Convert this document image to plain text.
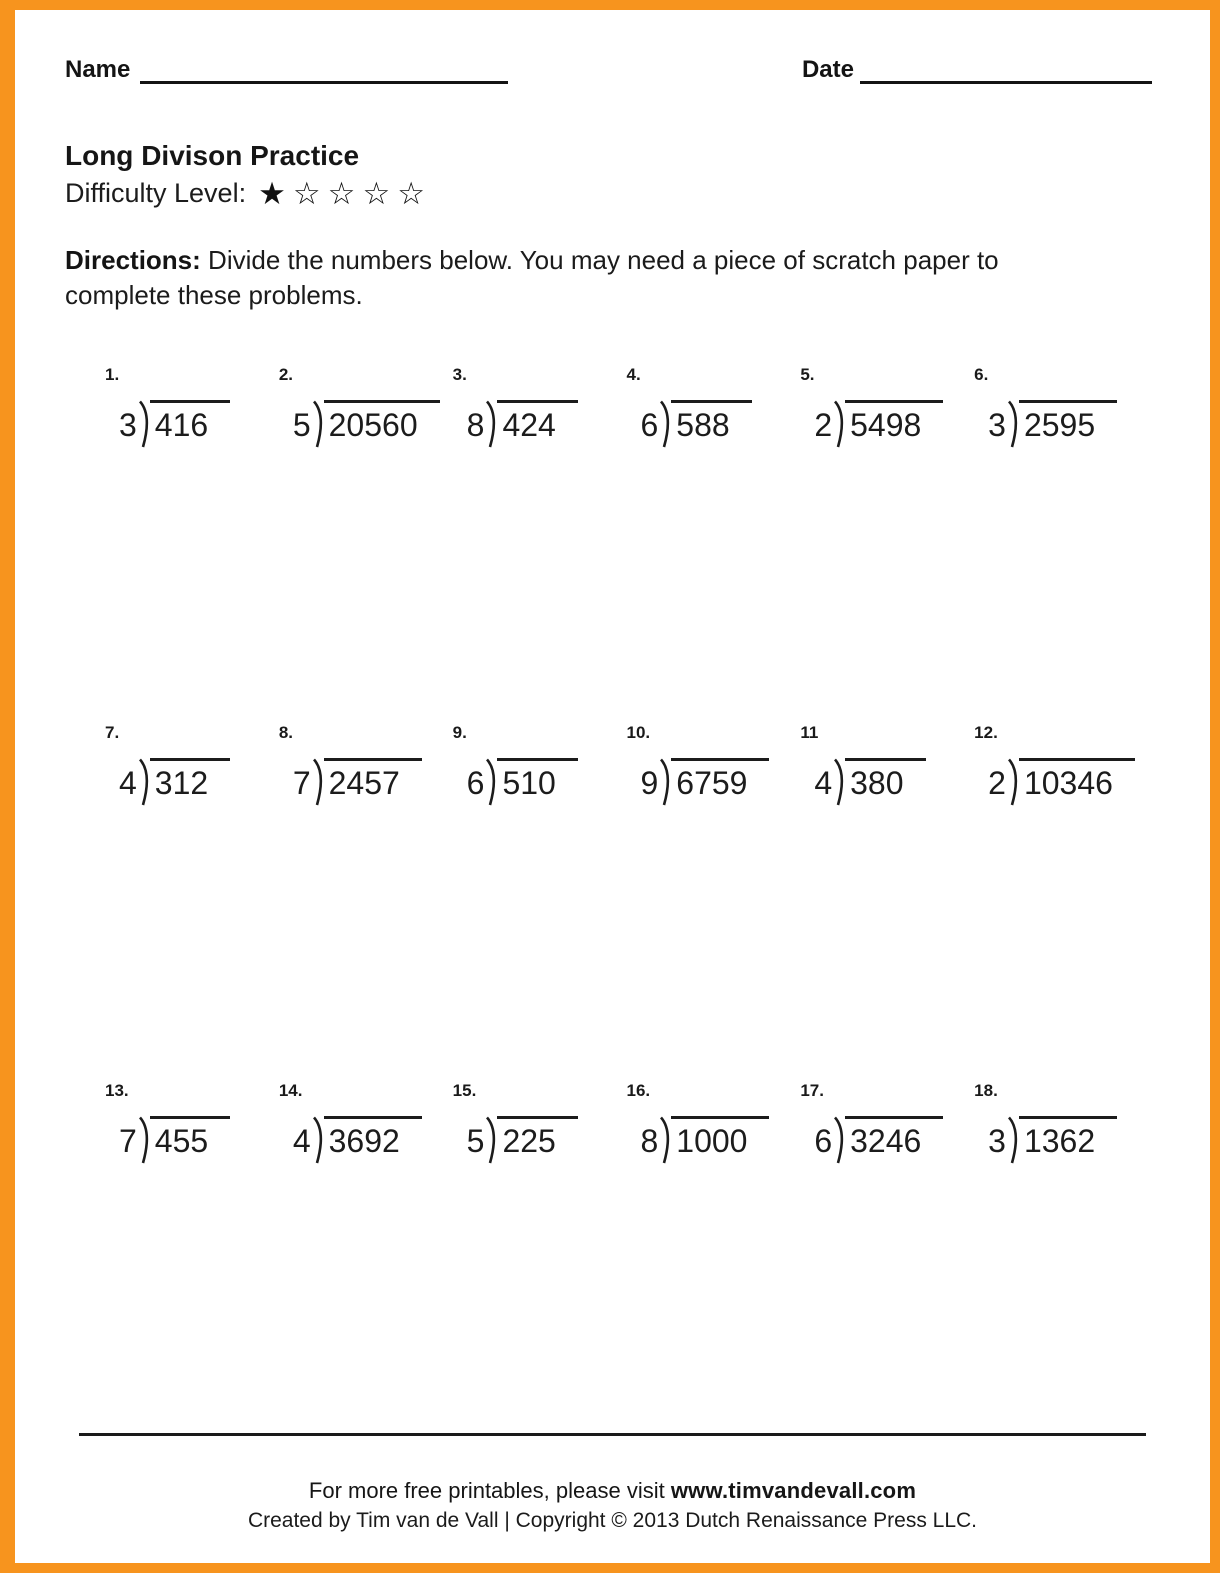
Name	Date
Long Divison Practice
Difficulty Level: ★☆☆☆☆

Directions: Divide the numbers below. You may need a piece of scratch paper to complete these problems.

1.
3 416
2.
5 20560
3.
8 424
4.
6 588
5.
2 5498
6.
3 2595
7.
4 312
8.
7 2457
9.
6 510
10.
9 6759
11
4 380
12.
2 10346
13.
7 455
14.
4 3692
15.
5 225
16.
8 1000
17.
6 3246
18.
3 1362
For more free printables, please visit www.timvandevall.com
Created by Tim van de Vall | Copyright © 2013 Dutch Renaissance Press LLC.
